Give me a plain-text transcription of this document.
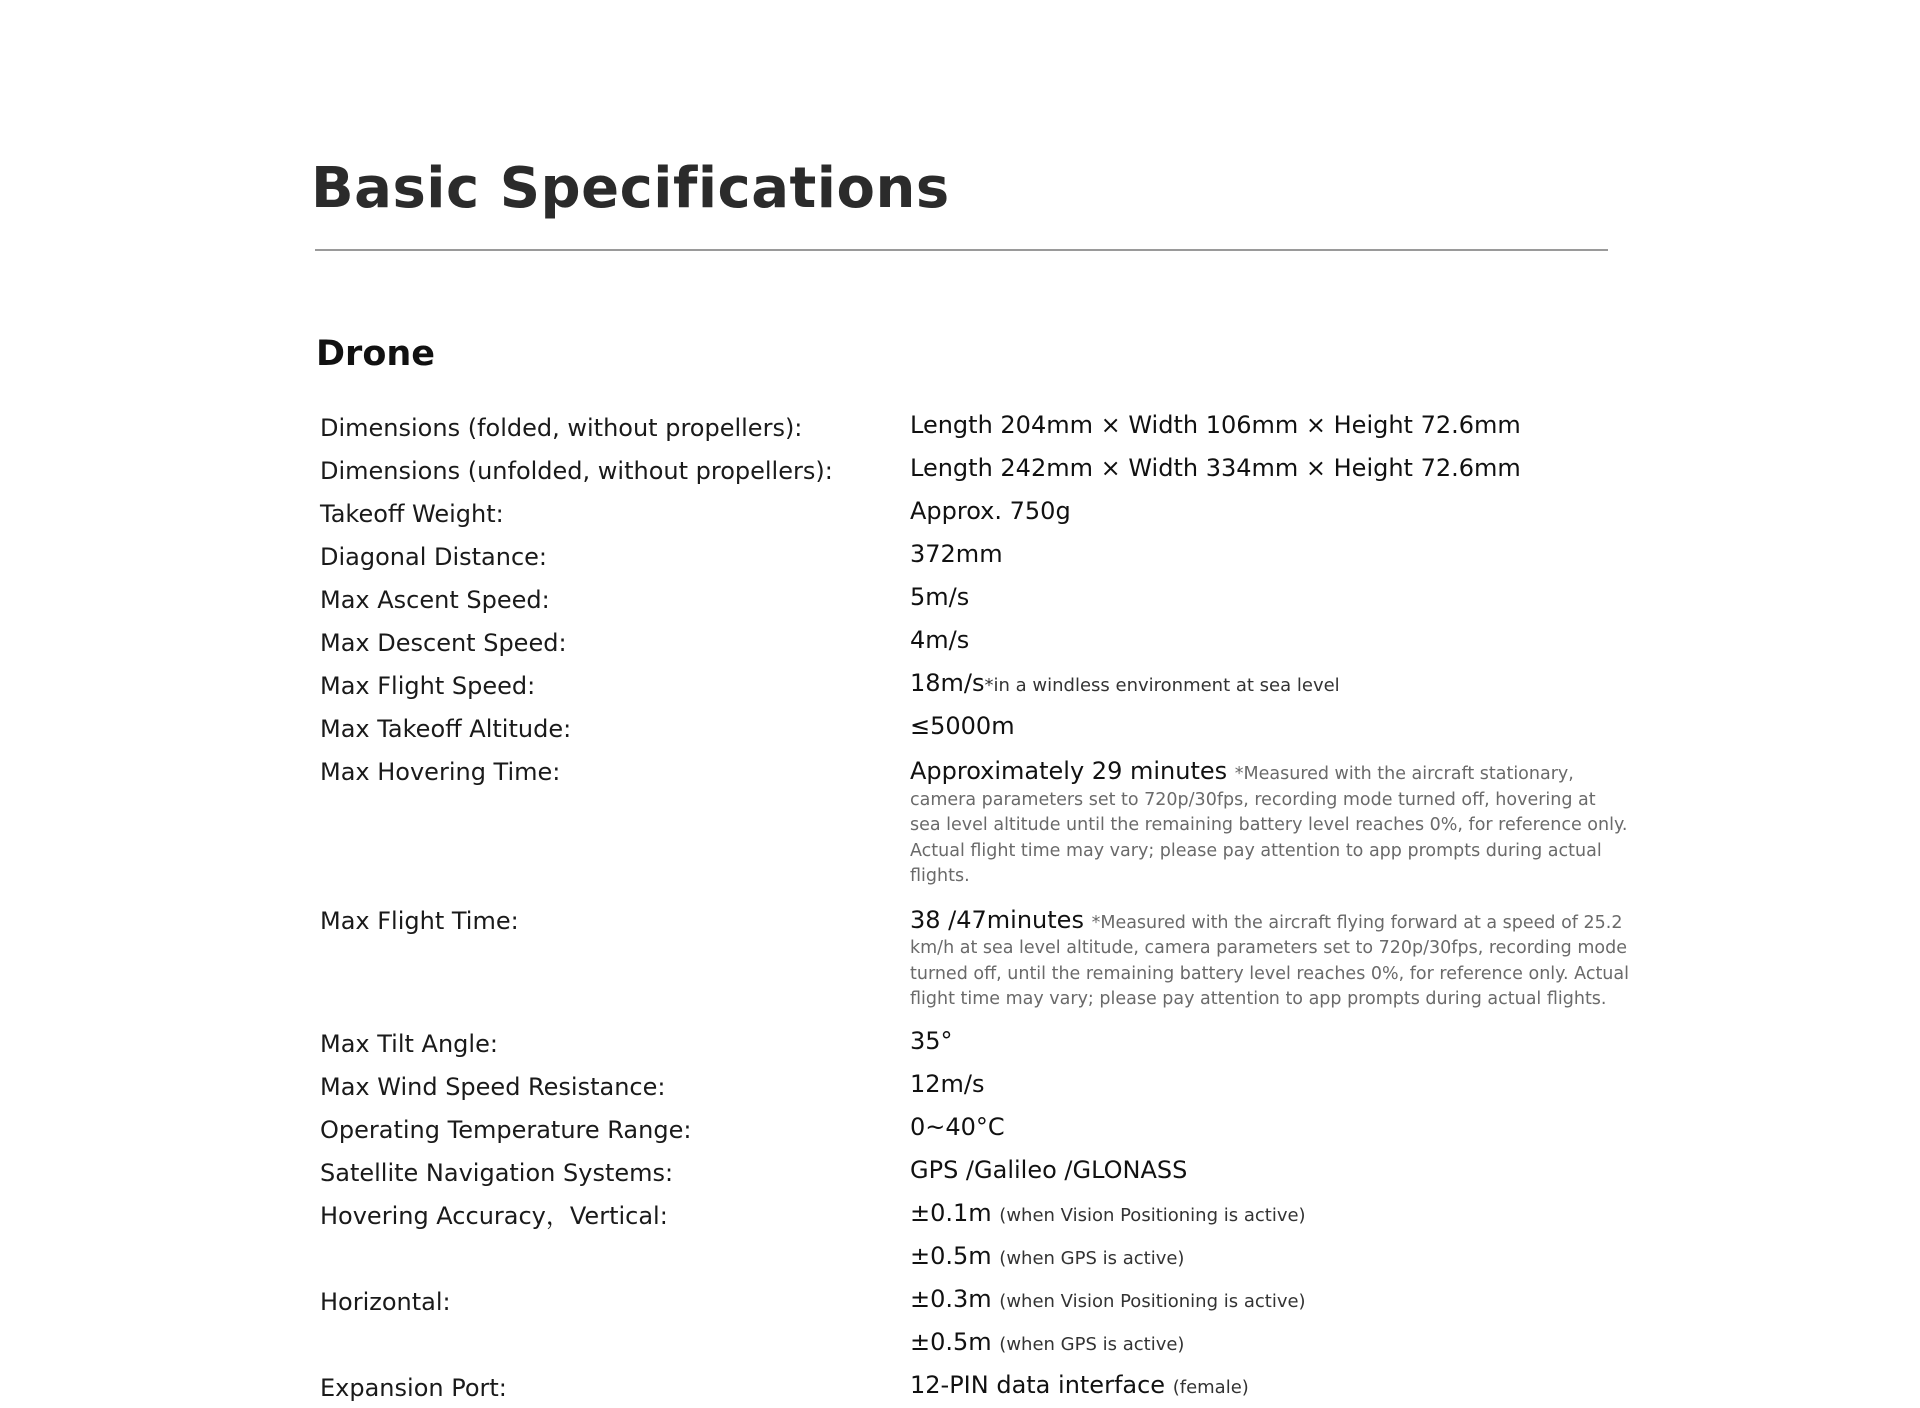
Basic Specifications
Drone
Dimensions (folded, without propellers):	Length 204mm × Width 106mm × Height 72.6mm
Dimensions (unfolded, without propellers):	Length 242mm × Width 334mm × Height 72.6mm
Takeoff Weight:	Approx. 750g
Diagonal Distance:	372mm
Max Ascent Speed:	5m/s
Max Descent Speed:	4m/s
Max Flight Speed:	18m/s*in a windless environment at sea level
Max Takeoff Altitude:	≤5000m
Max Hovering Time:	Approximately 29 minutes *Measured with the aircraft stationary, camera parameters set to 720p/30fps, recording mode turned off, hovering at sea level altitude until the remaining battery level reaches 0%, for reference only. Actual flight time may vary; please pay attention to app prompts during actual flights.
Max Flight Time:	38 /47minutes *Measured with the aircraft flying forward at a speed of 25.2 km/h at sea level altitude, camera parameters set to 720p/30fps, recording mode turned off, until the remaining battery level reaches 0%, for reference only. Actual flight time may vary; please pay attention to app prompts during actual flights.
Max Tilt Angle:	35°
Max Wind Speed Resistance:	12m/s
Operating Temperature Range:	0~40°C
Satellite Navigation Systems:	GPS /Galileo /GLONASS
Hovering Accuracy，Vertical:	±0.1m (when Vision Positioning is active)
±0.5m (when GPS is active)
Horizontal:	±0.3m (when Vision Positioning is active)
±0.5m (when GPS is active)
Expansion Port:	12-PIN data interface (female)
